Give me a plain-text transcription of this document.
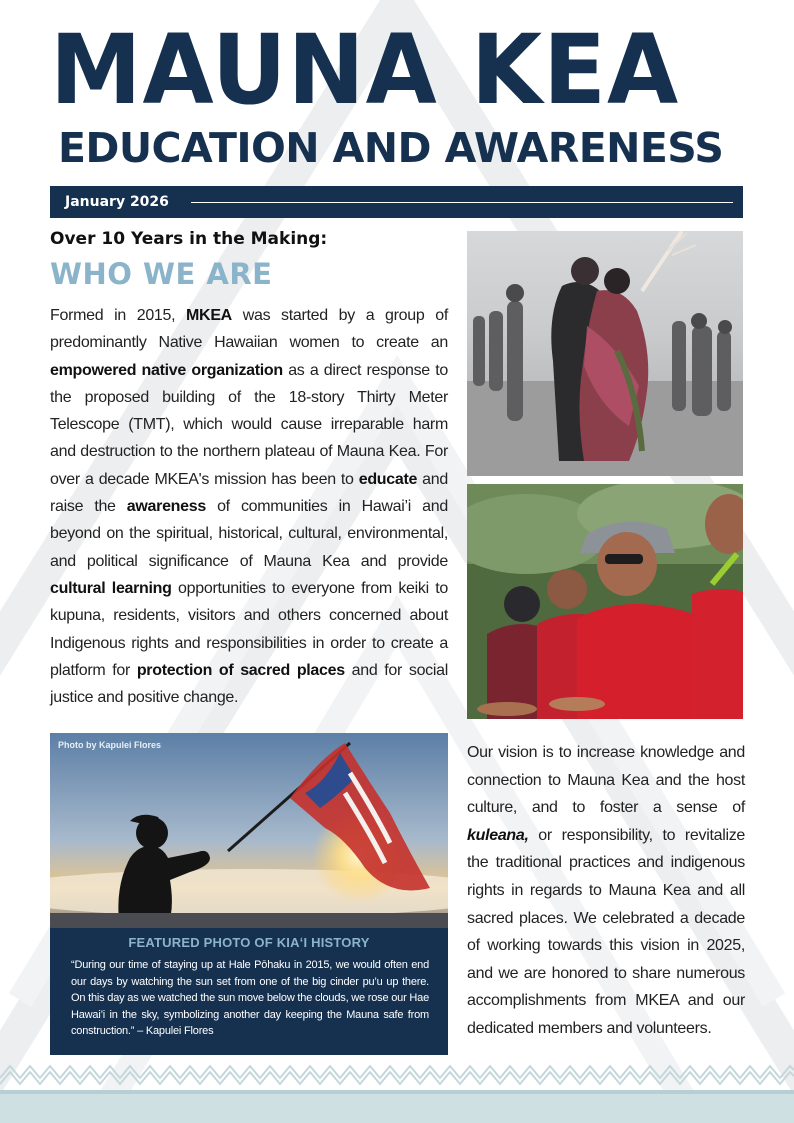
MAUNA KEA
EDUCATION AND AWARENESS
January 2026
Over 10 Years in the Making:
WHO WE ARE
Formed in 2015, MKEA was started by a group of predominantly Native Hawaiian women to create an empowered native organization as a direct response to the proposed building of the 18-story Thirty Meter Telescope (TMT), which would cause irreparable harm and destruction to the northern plateau of Mauna Kea. For over a decade MKEA's mission has been to educate and raise the awareness of communities in Hawai’i and beyond on the spiritual, historical, cultural, environmental, and political significance of Mauna Kea and provide cultural learning opportunities to everyone from keiki to kupuna, residents, visitors and others concerned about Indigenous rights and responsibilities in order to create a platform for protection of sacred places and for social justice and positive change.
Photo by Kapulei Flores
FEATURED PHOTO OF KIAʻI HISTORY
“During our time of staying up at Hale Pōhaku in 2015, we would often end our days by watching the sun set from one of the big cinder pu’u up there. On this day as we watched the sun move below the clouds, we rose our Hae Hawai’i in the sky, symbolizing another day keeping the Mauna safe from construction.” – Kapulei Flores
Our vision is to increase knowledge and connection to Mauna Kea and the host culture, and to foster a sense of kuleana, or responsibility, to revitalize the traditional practices and indigenous rights in regards to Mauna Kea and all sacred places. We celebrated a decade of working towards this vision in 2025, and we are honored to share numerous accomplishments from MKEA and our dedicated members and volunteers.
